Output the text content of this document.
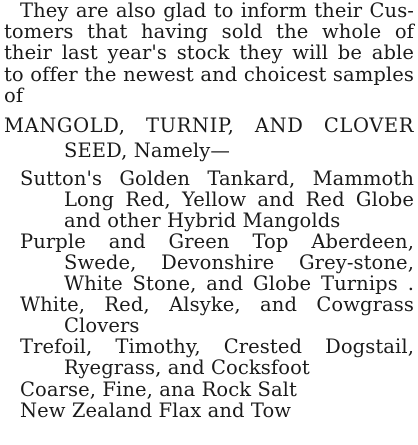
They are also glad to inform their Cus-
tomers that having sold the whole of
their last year's stock they will be able
to offer the newest and choicest samples
of
MANGOLD, TURNIP, AND CLOVER
SEED, Namely—
Sutton's Golden Tankard, Mammoth
Long Red, Yellow and Red Globe
and other Hybrid Mangolds
Purple and Green Top Aberdeen,
Swede, Devonshire Grey-stone,
White Stone, and Globe Turnips .
White, Red, Alsyke, and Cowgrass
Clovers
Trefoil, Timothy, Crested Dogstail,
Ryegrass, and Cocksfoot
Coarse, Fine, ana Rock Salt
New Zealand Flax and Tow
